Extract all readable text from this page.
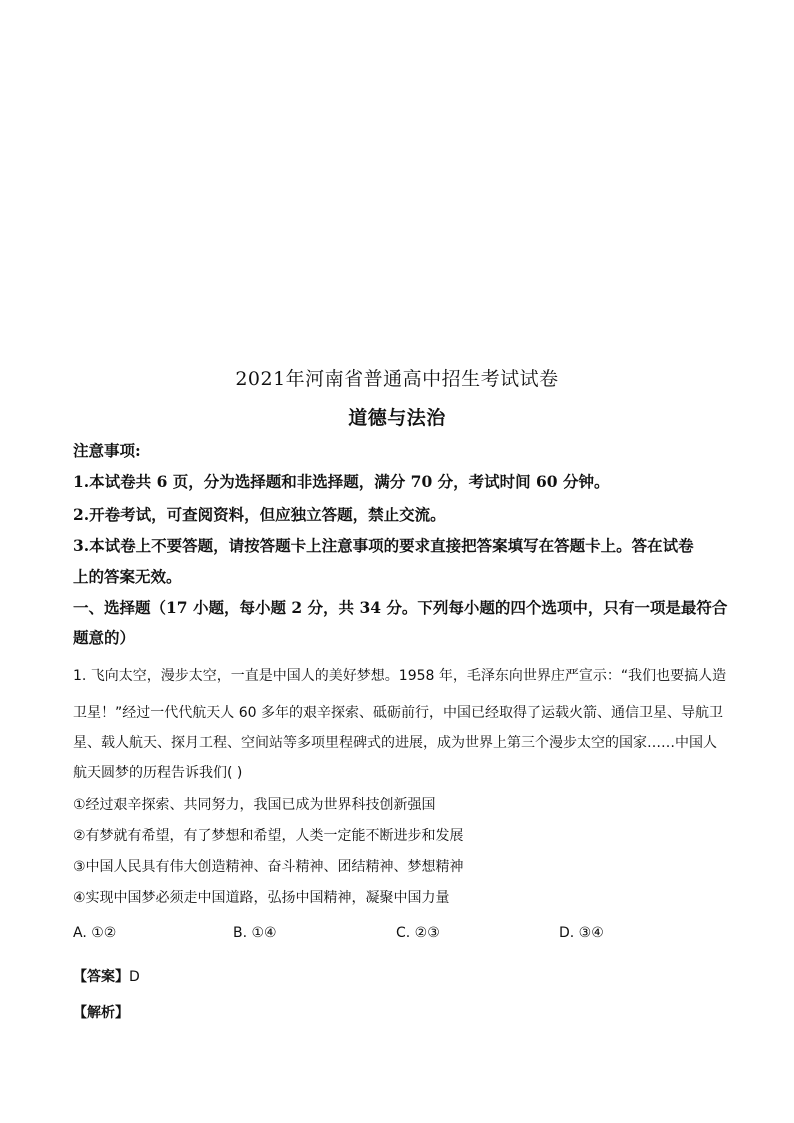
2021年河南省普通高中招生考试试卷
道德与法治
注意事项:
1.本试卷共 6 页，分为选择题和非选择题，满分 70 分，考试时间 60 分钟。
2.开卷考试，可查阅资料，但应独立答题，禁止交流。
3.本试卷上不要答题，请按答题卡上注意事项的要求直接把答案填写在答题卡上。答在试卷
上的答案无效。
一、选择题（17 小题，每小题 2 分，共 34 分。下列每小题的四个选项中，只有一项是最符合
题意的）
1. 飞向太空，漫步太空，一直是中国人的美好梦想。1958 年，毛泽东向世界庄严宣示：“我们也要搞人造
卫星！”经过一代代航天人 60 多年的艰辛探索、砥砺前行，中国已经取得了运载火箭、通信卫星、导航卫
星、载人航天、探月工程、空间站等多项里程碑式的进展，成为世界上第三个漫步太空的国家……中国人
航天圆梦的历程告诉我们( )
①经过艰辛探索、共同努力，我国已成为世界科技创新强国
②有梦就有希望，有了梦想和希望，人类一定能不断进步和发展
③中国人民具有伟大创造精神、奋斗精神、团结精神、梦想精神
④实现中国梦必须走中国道路，弘扬中国精神，凝聚中国力量
A. ①②	B. ①④	C. ②③	D. ③④
【答案】D
【解析】
